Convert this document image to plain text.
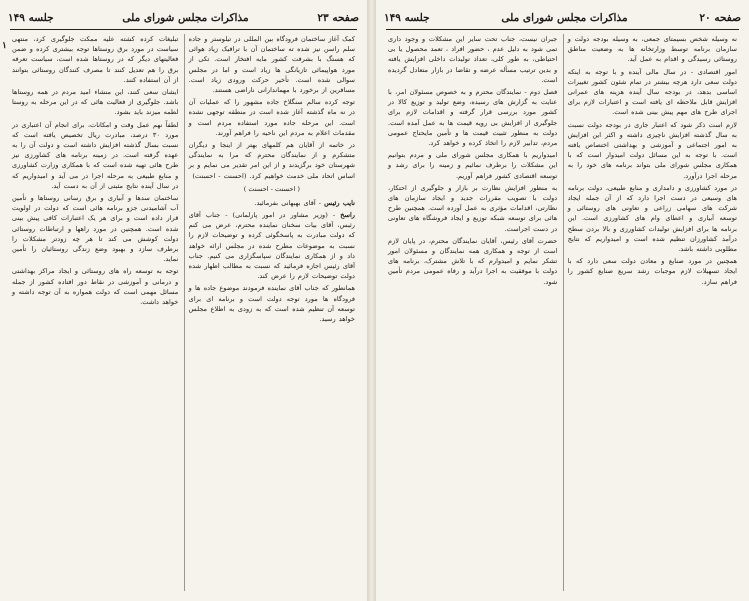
صفحه ۲۳
مذاکرات مجلس شورای ملی
جلسه ۱۴۹
۱

کمک آغاز ساختمان فرودگاه بین المللی در تیلوستر و جاده سلم راسن نیز شده ته ساختمان آن با ترافیک زیاد هوائی که هستگ با بشرفت کشور مایه افتخار است. تکی از مورد هواپیمائی تازیانگی ها زیاد است و اما در مجلس سوالی شده است. تأخیر حرکت ورودی زیاد است. مسافرین از برخورد با مهماندارانی ناراضی هستند.

توجه کرده سالم سنگلاخ جاده مشهور را که عملیات آن در نه ماه گذشته آغاز شده است در منطقه توجهی نشده است. این مرحله جاده مورد استفاده مردم است و مقدمات اعلام به مردم این ناحیه را فراهم آورند.

در خاتمه از آقایان هم کلمهای بهتر از اینجا و دیگران متشکرم و از نمایندگان محترم که مرا به نمایندگی شهرستان خود برگزیدند و از این امر تقدیر می نمایم و بر اساس اتحاد ملی خدمت خواهیم کرد. (احسنت - احسنت)

( احسنت - احسنت )

نایب رئیس - آقای بهبهانی بفرمائید.

راسخ - (وزیر مشاور در امور پارلمانی) - جناب آقای رئیس، آقای بیات سخنان نماینده محترم، عرض می کنم که دولت مبادرت به پاسخگوئی کرده و توضیحات لازم را نسبت به موضوعات مطرح شده در مجلس ارائه خواهد داد و از همکاری نمایندگان سپاسگزاری می کنیم. جناب آقای رئیس اجازه فرمائید که نسبت به مطالب اظهار شده دولت توضیحات لازم را عرض کند.

همانطور که جناب آقای نماینده فرمودند موضوع جاده ها و فرودگاه ها مورد توجه دولت است و برنامه ای برای توسعه آن تنظیم شده است که به زودی به اطلاع مجلس خواهد رسید.

تبلیغات کرده کشته علیه ممکت جلوگیری کرد، منتهی سیاست در مورد برق روستاها توجه بیشتری کرده و ضمن فعالیتهای دیگر که در روستاها شده است، سیاست تعرفه برق را هم تعدیل کنند تا مصرف کنندگان روستائی بتوانند از آن استفاده کنند.

ایشان سعی کنند، این منشاء امید مردم در همه روستاها باشد. جلوگیری از فعالیت هائی که در این مرحله به روستا لطمه میزند باید بشود.

لطفاً نهم عمل وقت و امکانات، برای انجام آن اعتباری در مورد ۳۰ درصد، مبادرت ریال تخصیص یافته است که نسبت بسال گذشته افزایش داشته است و دولت آن را به عهده گرفته است. در زمینه برنامه های کشاورزی نیز طرح هائی تهیه شده است که با همکاری وزارت کشاورزی و منابع طبیعی به مرحله اجرا در می آید و امیدواریم که در سال آینده نتایج مثبتی از آن به دست آید.

ساختمان سدها و آبیاری و برق رسانی روستاها و تأمین آب آشامیدنی جزو برنامه هائی است که دولت در اولویت قرار داده است و برای هر یک اعتبارات کافی پیش بینی شده است. همچنین در مورد راهها و ارتباطات روستائی دولت کوشش می کند تا هر چه زودتر مشکلات را برطرف سازد و بهبود وضع زندگی روستائیان را تأمین نماید.

توجه به توسعه راه های روستائی و ایجاد مراکز بهداشتی و درمانی و آموزشی در نقاط دور افتاده کشور از جمله مسائل مهمی است که دولت همواره به آن توجه داشته و خواهد داشت.

صفحه ۲۰
مذاکرات مجلس شورای ملی
جلسه ۱۴۹

نه وسیله شخص بسیمتای جمعی، به وسیله بودجه دولت و سازمان برنامه توسط وزارتخانه ها به وضعیت مناطق روستائی رسیدگی و اقدام به عمل آید.

امور اقتصادی - در سال مالی آینده و با توجه به اینکه دولت سعی دارد هرچه بیشتر در تمام شئون کشور تغییرات اساسی بدهد، در بودجه سال آینده هزینه های عمرانی افزایش قابل ملاحظه ای یافته است و اعتبارات لازم برای اجرای طرح های مهم پیش بینی شده است.

لازم است ذکر شود که اعتبار جاری در بودجه دولت نسبت به سال گذشته افزایش ناچیزی داشته و اکثر این افزایش به امور اجتماعی و آموزشی و بهداشتی اختصاص یافته است. با توجه به این مسائل دولت امیدوار است که با همکاری مجلس شورای ملی بتواند برنامه های خود را به مرحله اجرا درآورد.

در مورد کشاورزی و دامداری و منابع طبیعی، دولت برنامه های وسیعی در دست اجرا دارد که از آن جمله ایجاد شرکت های سهامی زراعی و تعاونی های روستائی و توسعه آبیاری و اعطای وام های کشاورزی است. این برنامه ها برای افزایش تولیدات کشاورزی و بالا بردن سطح درآمد کشاورزان تنظیم شده است و امیدواریم که نتایج مطلوبی داشته باشد.

همچنین در مورد صنایع و معادن دولت سعی دارد که با ایجاد تسهیلات لازم موجبات رشد سریع صنایع کشور را فراهم سازد.

جبران نیست، جناب تحت سایر این مشکلات و وجود داری تمی شود به دلیل عدم ، حضور افراد ، تعمد محصول یا بی احتیاطی، به طور کلی، تعداد تولیدات داخلی افزایش یافته و بدین ترتیب مسأله عرضه و تقاضا در بازار متعادل گردیده است.

فصل دوم - نمایندگان محترم و به خصوص مسئولان امر، با عنایت به گزارش های رسیده، وضع تولید و توزیع کالا در کشور مورد بررسی قرار گرفته و اقدامات لازم برای جلوگیری از افزایش بی رویه قیمت ها به عمل آمده است. دولت به منظور تثبیت قیمت ها و تأمین مایحتاج عمومی مردم، تدابیر لازم را اتخاذ کرده و خواهد کرد.

امیدواریم با همکاری مجلس شورای ملی و مردم بتوانیم این مشکلات را برطرف نمائیم و زمینه را برای رشد و توسعه اقتصادی کشور فراهم آوریم.

به منظور افزایش نظارت بر بازار و جلوگیری از احتکار، دولت با تصویب مقررات جدید و ایجاد سازمان های نظارتی، اقدامات مؤثری به عمل آورده است. همچنین طرح هائی برای توسعه شبکه توزیع و ایجاد فروشگاه های تعاونی در دست اجراست.

حضرت آقای رئیس، آقایان نمایندگان محترم، در پایان لازم است از توجه و همکاری همه نمایندگان و مسئولان امور تشکر نمایم و امیدوارم که با تلاش مشترک، برنامه های دولت با موفقیت به اجرا درآید و رفاه عمومی مردم تأمین شود.
